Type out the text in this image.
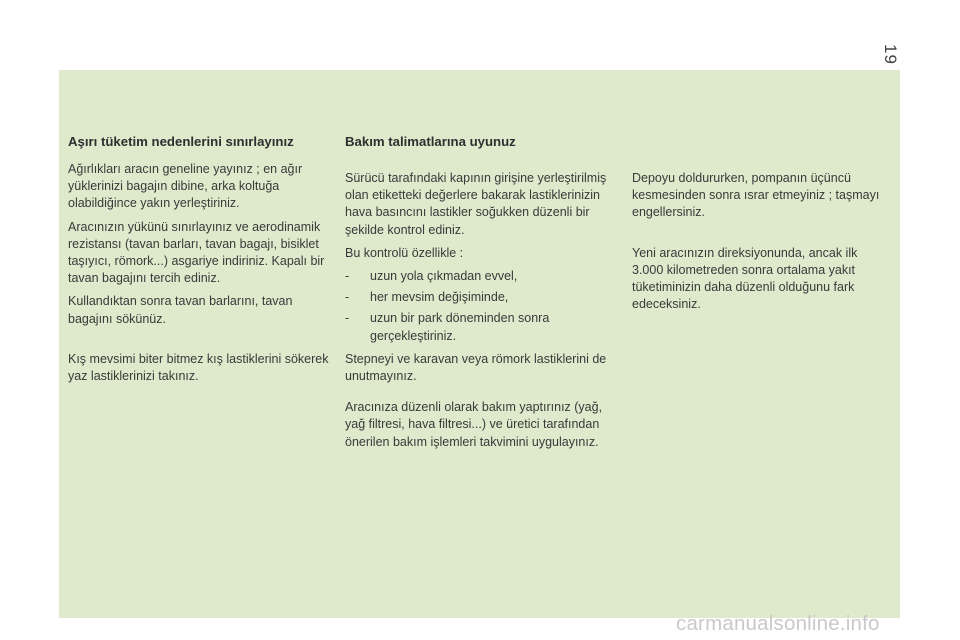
19
Aşırı tüketim nedenlerini sınırlayınız

Ağırlıkları aracın geneline yayınız ; en ağır yüklerinizi bagajın dibine, arka koltuğa olabildiğince yakın yerleştiriniz.

Aracınızın yükünü sınırlayınız ve aerodinamik rezistansı (tavan barları, tavan bagajı, bisiklet taşıyıcı, römork...) asgariye indiriniz. Kapalı bir tavan bagajını tercih ediniz.

Kullandıktan sonra tavan barlarını, tavan bagajını sökünüz.

Kış mevsimi biter bitmez kış lastiklerini sökerek yaz lastiklerinizi takınız.

Bakım talimatlarına uyunuz

Sürücü tarafındaki kapının girişine yerleştirilmiş olan etiketteki değerlere bakarak lastiklerinizin hava basıncını lastikler soğukken düzenli bir şekilde kontrol ediniz.

Bu kontrolü özellikle :

- uzun yola çıkmadan evvel,
- her mevsim değişiminde,
- uzun bir park döneminden sonra gerçekleştiriniz.

Stepneyi ve karavan veya römork lastiklerini de unutmayınız.

Aracınıza düzenli olarak bakım yaptırınız (yağ, yağ filtresi, hava filtresi...) ve üretici tarafından önerilen bakım işlemleri takvimini uygulayınız.

Depoyu doldururken, pompanın üçüncü kesmesinden sonra ısrar etmeyiniz ; taşmayı engellersiniz.

Yeni aracınızın direksiyonunda, ancak ilk 3.000 kilometreden sonra ortalama yakıt tüketiminizin daha düzenli olduğunu fark edeceksiniz.

carmanualsonline.info
